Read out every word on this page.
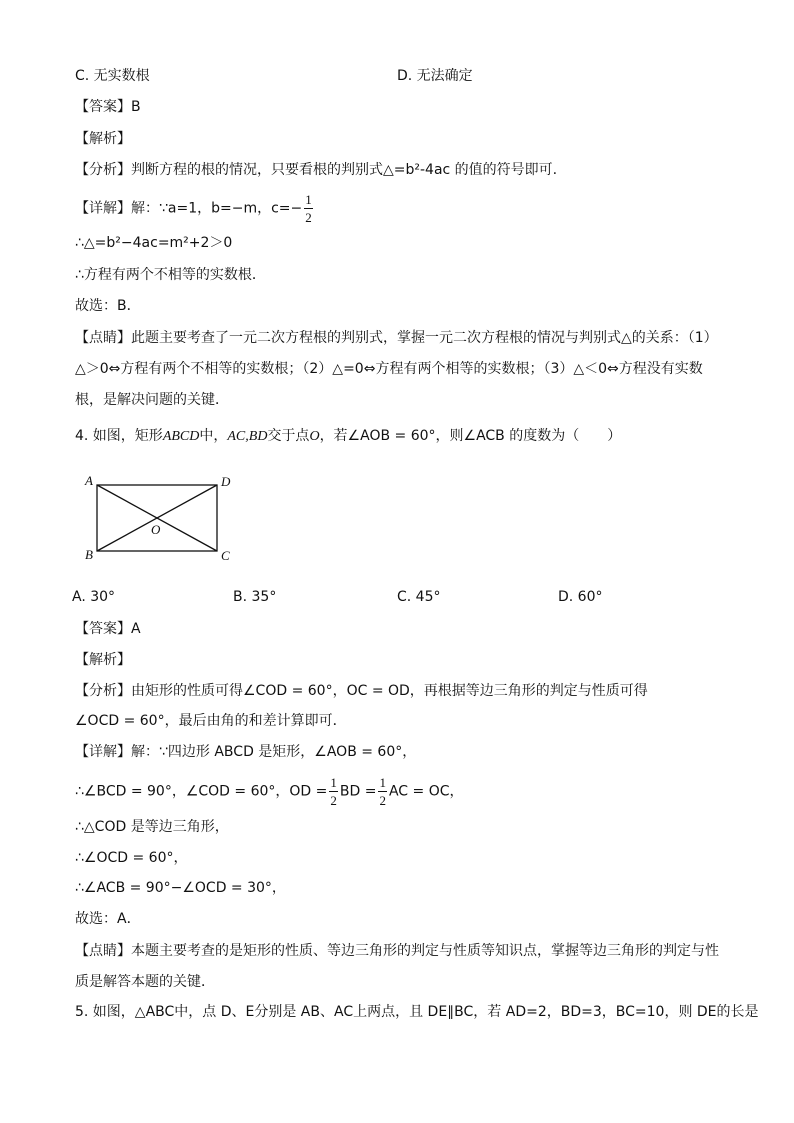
C. 无实数根	D. 无法确定
【答案】B
【解析】
【分析】判断方程的根的情况，只要看根的判别式△=b²-4ac 的值的符号即可.
【详解】解：∵a=1，b=−m，$c=- \frac{1}{2}$
∴△=b²−4ac=m²+2＞0
∴方程有两个不相等的实数根．
故选：B．
【点睛】此题主要考查了一元二次方程根的判别式，掌握一元二次方程根的情况与判别式△的关系：（1）
△＞0⇔方程有两个不相等的实数根；（2）△=0⇔方程有两个相等的实数根；（3）△＜0⇔方程没有实数
根，是解决问题的关键．
4. 如图，矩形ABCD中，AC,BD交于点O，若∠AOB = 60°，则∠ACB 的度数为（　　）
A	D
B	C
O
A. 30°	B. 35°	C. 45°	D. 60°
【答案】A
【解析】
【分析】由矩形的性质可得∠COD = 60°，OC = OD，再根据等边三角形的判定与性质可得
∠OCD = 60°，最后由角的和差计算即可．
【详解】解：∵四边形 ABCD 是矩形，∠AOB = 60°，
∴∠BCD = 90°，∠COD = 60°，OD = $\frac{1}{2}$ BD = $\frac{1}{2}$ AC = OC，
∴△COD 是等边三角形，
∴∠OCD = 60°，
∴∠ACB = 90°−∠OCD = 30°，
故选：A．
【点睛】本题主要考查的是矩形的性质、等边三角形的判定与性质等知识点，掌握等边三角形的判定与性
质是解答本题的关键．
5. 如图，△ABC中，点 D、E分别是 AB、AC上两点，且 DE∥BC，若 AD=2，BD=3，BC=10，则 DE的长是
